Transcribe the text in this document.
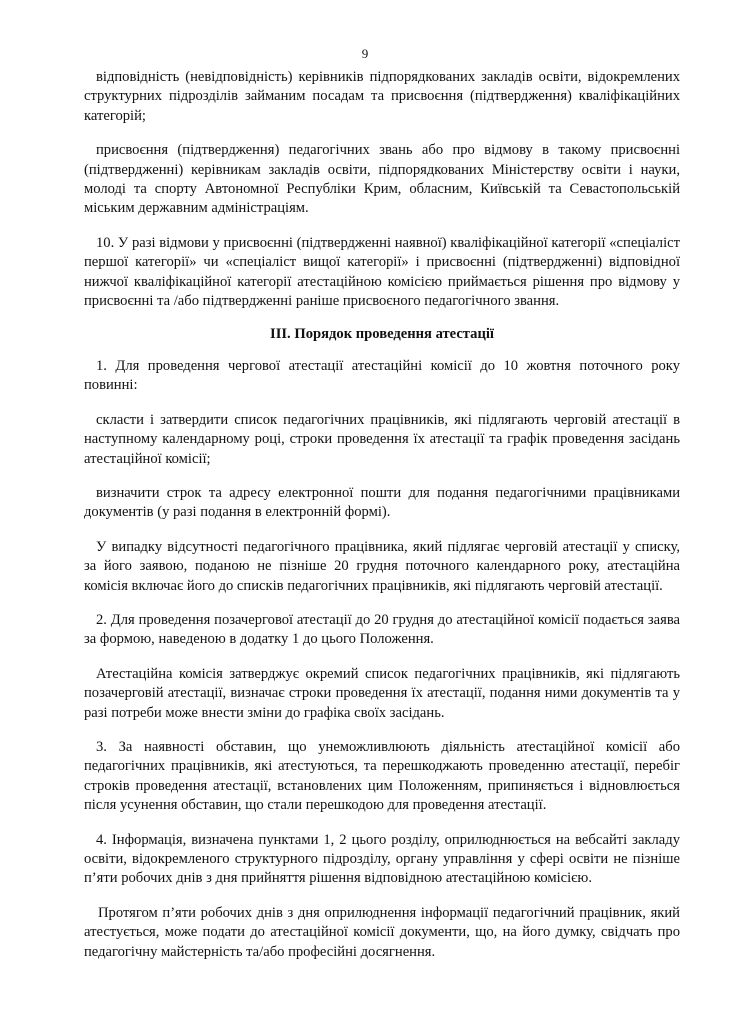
9

відповідність (невідповідність) керівників підпорядкованих закладів освіти, відокремлених структурних підрозділів займаним посадам та присвоєння (підтвердження) кваліфікаційних категорій;

присвоєння (підтвердження) педагогічних звань або про відмову в такому присвоєнні (підтвердженні) керівникам закладів освіти, підпорядкованих Міністерству освіти і науки, молоді та спорту Автономної Республіки Крим, обласним, Київській та Севастопольській міським державним адміністраціям.

10. У разі відмови у присвоєнні (підтвердженні наявної) кваліфікаційної категорії «спеціаліст першої категорії» чи «спеціаліст вищої категорії» і присвоєнні (підтвердженні) відповідної нижчої кваліфікаційної категорії атестаційною комісією приймається рішення про відмову у присвоєнні та /або підтвердженні раніше присвоєного педагогічного звання.

III. Порядок проведення атестації

1. Для проведення чергової атестації атестаційні комісії до 10 жовтня поточного року повинні:

скласти і затвердити список педагогічних працівників, які підлягають черговій атестації в наступному календарному році, строки проведення їх атестації та графік проведення засідань атестаційної комісії;

визначити строк та адресу електронної пошти для подання педагогічними працівниками документів (у разі подання в електронній формі).

У випадку відсутності педагогічного працівника, який підлягає черговій атестації у списку, за його заявою, поданою не пізніше 20 грудня поточного календарного року, атестаційна комісія включає його до списків педагогічних працівників, які підлягають черговій атестації.

2. Для проведення позачергової атестації до 20 грудня до атестаційної комісії подається заява за формою, наведеною в додатку 1 до цього Положення.

Атестаційна комісія затверджує окремий список педагогічних працівників, які підлягають позачерговій атестації, визначає строки проведення їх атестації, подання ними документів та у разі потреби може внести зміни до графіка своїх засідань.

3. За наявності обставин, що унеможливлюють діяльність атестаційної комісії або педагогічних працівників, які атестуються, та перешкоджають проведенню атестації, перебіг строків проведення атестації, встановлених цим Положенням, припиняється і відновлюється після усунення обставин, що стали перешкодою для проведення атестації.

4. Інформація, визначена пунктами 1, 2 цього розділу, оприлюднюється на вебсайті закладу освіти, відокремленого структурного підрозділу, органу управління у сфері освіти не пізніше п’яти робочих днів з дня прийняття рішення відповідною атестаційною комісією.

Протягом п’яти робочих днів з дня оприлюднення інформації педагогічний працівник, який атестується, може подати до атестаційної комісії документи, що, на його думку, свідчать про педагогічну майстерність та/або професійні досягнення.
